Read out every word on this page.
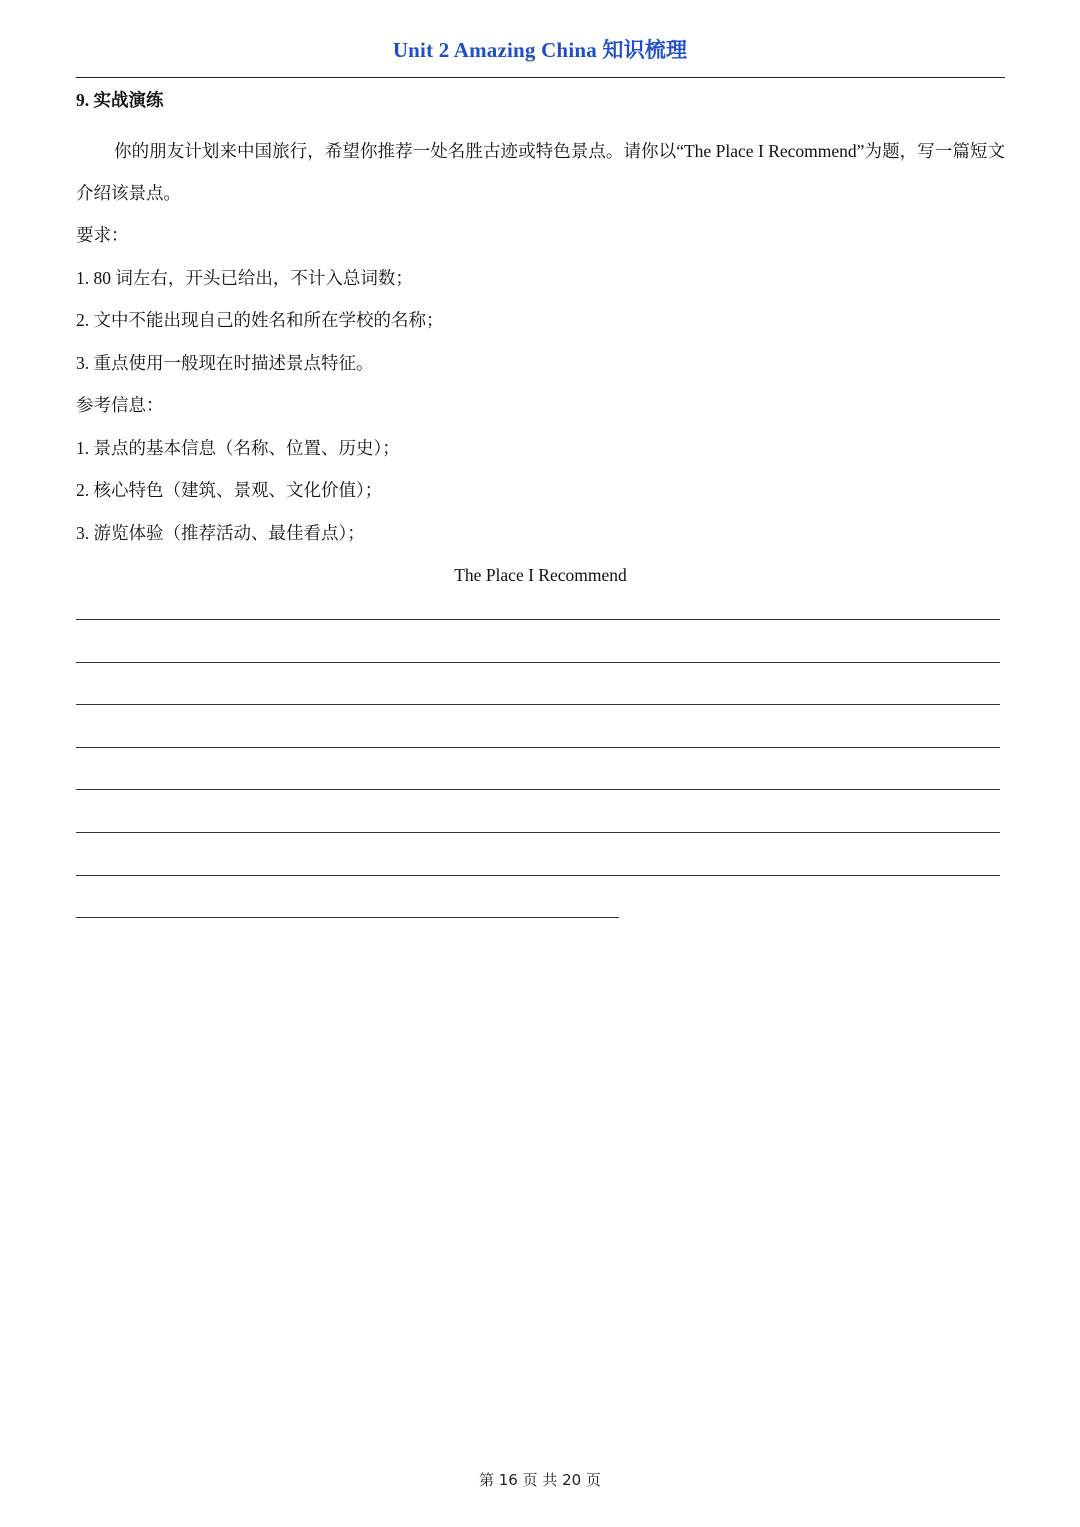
Unit 2 Amazing China 知识梳理
9. 实战演练

你的朋友计划来中国旅行，希望你推荐一处名胜古迹或特色景点。请你以“The Place I Recommend”为题，写一篇短文介绍该景点。

要求：
1. 80 词左右，开头已给出，不计入总词数；
2. 文中不能出现自己的姓名和所在学校的名称；
3. 重点使用一般现在时描述景点特征。
参考信息：
1. 景点的基本信息（名称、位置、历史）；
2. 核心特色（建筑、景观、文化价值）；
3. 游览体验（推荐活动、最佳看点）；
The Place I Recommend
第 16 页 共 20 页
